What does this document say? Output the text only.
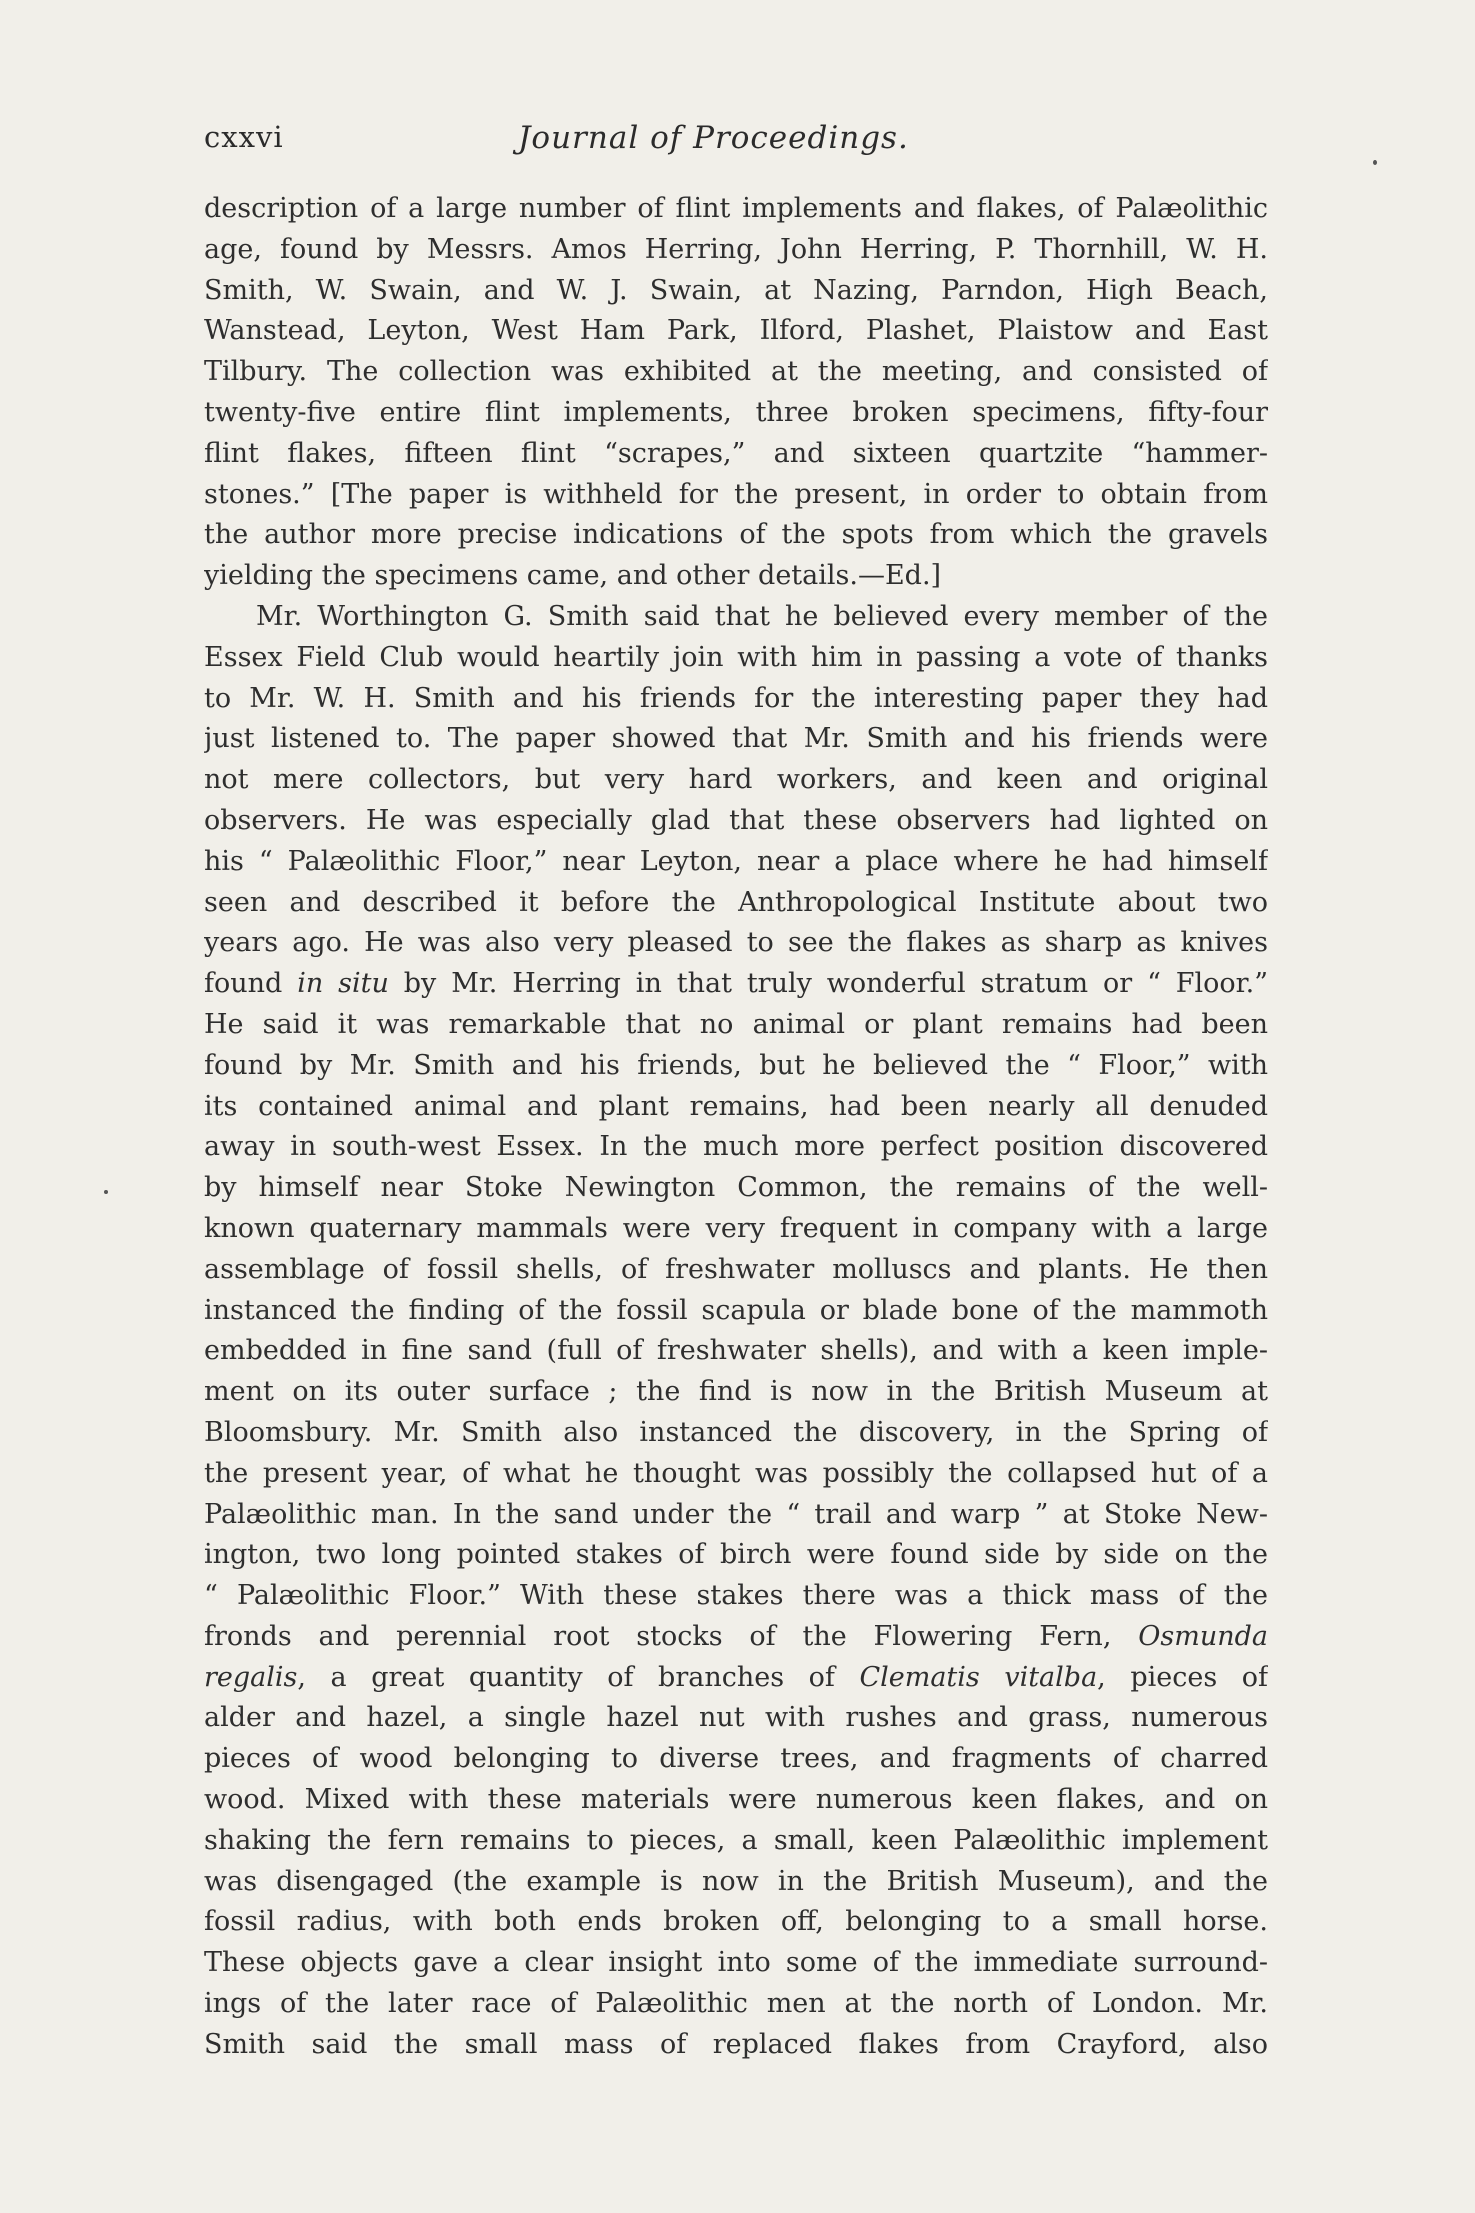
cxxvi	Journal of Proceedings.
description of a large number of flint implements and flakes, of Palæolithic
age, found by Messrs. Amos Herring, John Herring, P. Thornhill, W. H.
Smith, W. Swain, and W. J. Swain, at Nazing, Parndon, High Beach,
Wanstead, Leyton, West Ham Park, Ilford, Plashet, Plaistow and East
Tilbury. The collection was exhibited at the meeting, and consisted of
twenty-five entire flint implements, three broken specimens, fifty-four
flint flakes, fifteen flint “scrapes,” and sixteen quartzite “hammer-
stones.” [The paper is withheld for the present, in order to obtain from
the author more precise indications of the spots from which the gravels
yielding the specimens came, and other details.—Ed.]
Mr. Worthington G. Smith said that he believed every member of the
Essex Field Club would heartily join with him in passing a vote of thanks
to Mr. W. H. Smith and his friends for the interesting paper they had
just listened to. The paper showed that Mr. Smith and his friends were
not mere collectors, but very hard workers, and keen and original
observers. He was especially glad that these observers had lighted on
his “ Palæolithic Floor,” near Leyton, near a place where he had himself
seen and described it before the Anthropological Institute about two
years ago. He was also very pleased to see the flakes as sharp as knives
found in situ by Mr. Herring in that truly wonderful stratum or “ Floor.”
He said it was remarkable that no animal or plant remains had been
found by Mr. Smith and his friends, but he believed the “ Floor,” with
its contained animal and plant remains, had been nearly all denuded
away in south-west Essex. In the much more perfect position discovered
by himself near Stoke Newington Common, the remains of the well-
known quaternary mammals were very frequent in company with a large
assemblage of fossil shells, of freshwater molluscs and plants. He then
instanced the finding of the fossil scapula or blade bone of the mammoth
embedded in fine sand (full of freshwater shells), and with a keen imple-
ment on its outer surface ; the find is now in the British Museum at
Bloomsbury. Mr. Smith also instanced the discovery, in the Spring of
the present year, of what he thought was possibly the collapsed hut of a
Palæolithic man. In the sand under the “ trail and warp ” at Stoke New-
ington, two long pointed stakes of birch were found side by side on the
“ Palæolithic Floor.” With these stakes there was a thick mass of the
fronds and perennial root stocks of the Flowering Fern, Osmunda
regalis, a great quantity of branches of Clematis vitalba, pieces of
alder and hazel, a single hazel nut with rushes and grass, numerous
pieces of wood belonging to diverse trees, and fragments of charred
wood. Mixed with these materials were numerous keen flakes, and on
shaking the fern remains to pieces, a small, keen Palæolithic implement
was disengaged (the example is now in the British Museum), and the
fossil radius, with both ends broken off, belonging to a small horse.
These objects gave a clear insight into some of the immediate surround-
ings of the later race of Palæolithic men at the north of London. Mr.
Smith said the small mass of replaced flakes from Crayford, also
